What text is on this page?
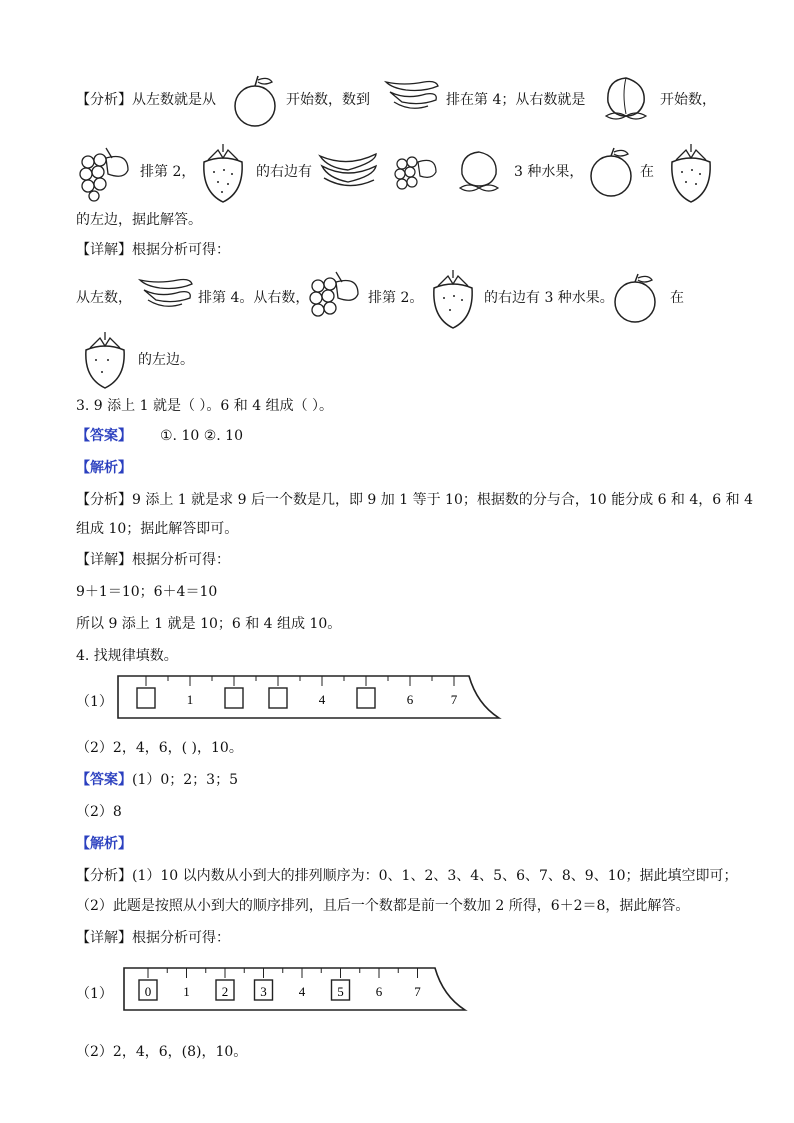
【分析】从左数就是从	开始数，数到	排在第 4；从右数就是	开始数，
排第 2，	的右边有	3 种水果，	在
的左边，据此解答。
【详解】根据分析可得：
从左数，	排第 4。从右数，	排第 2。	的右边有 3 种水果。	在
的左边。
3. 9 添上 1 就是（ ）。6 和 4 组成（ ）。
【答案】 ①. 10 ②. 10
【解析】
【分析】9 添上 1 就是求 9 后一个数是几，即 9 加 1 等于 10；根据数的分与合，10 能分成 6 和 4，6 和 4
组成 10；据此解答即可。
【详解】根据分析可得：
9＋1＝10；6＋4＝10
所以 9 添上 1 就是 10；6 和 4 组成 10。
4. 找规律填数。
（1）	1	4	6	7
（2）2，4，6，( )，10。
【答案】 (1）0；2；3；5
（2）8
【解析】
【分析】(1）10 以内数从小到大的排列顺序为：0、1、2、3、4、5、6、7、8、9、10；据此填空即可；
（2）此题是按照从小到大的顺序排列，且后一个数都是前一个数加 2 所得，6＋2＝8，据此解答。
【详解】根据分析可得：
（1） 0 1 2 3 4 5 6 7
（2）2，4，6，(8)，10。
